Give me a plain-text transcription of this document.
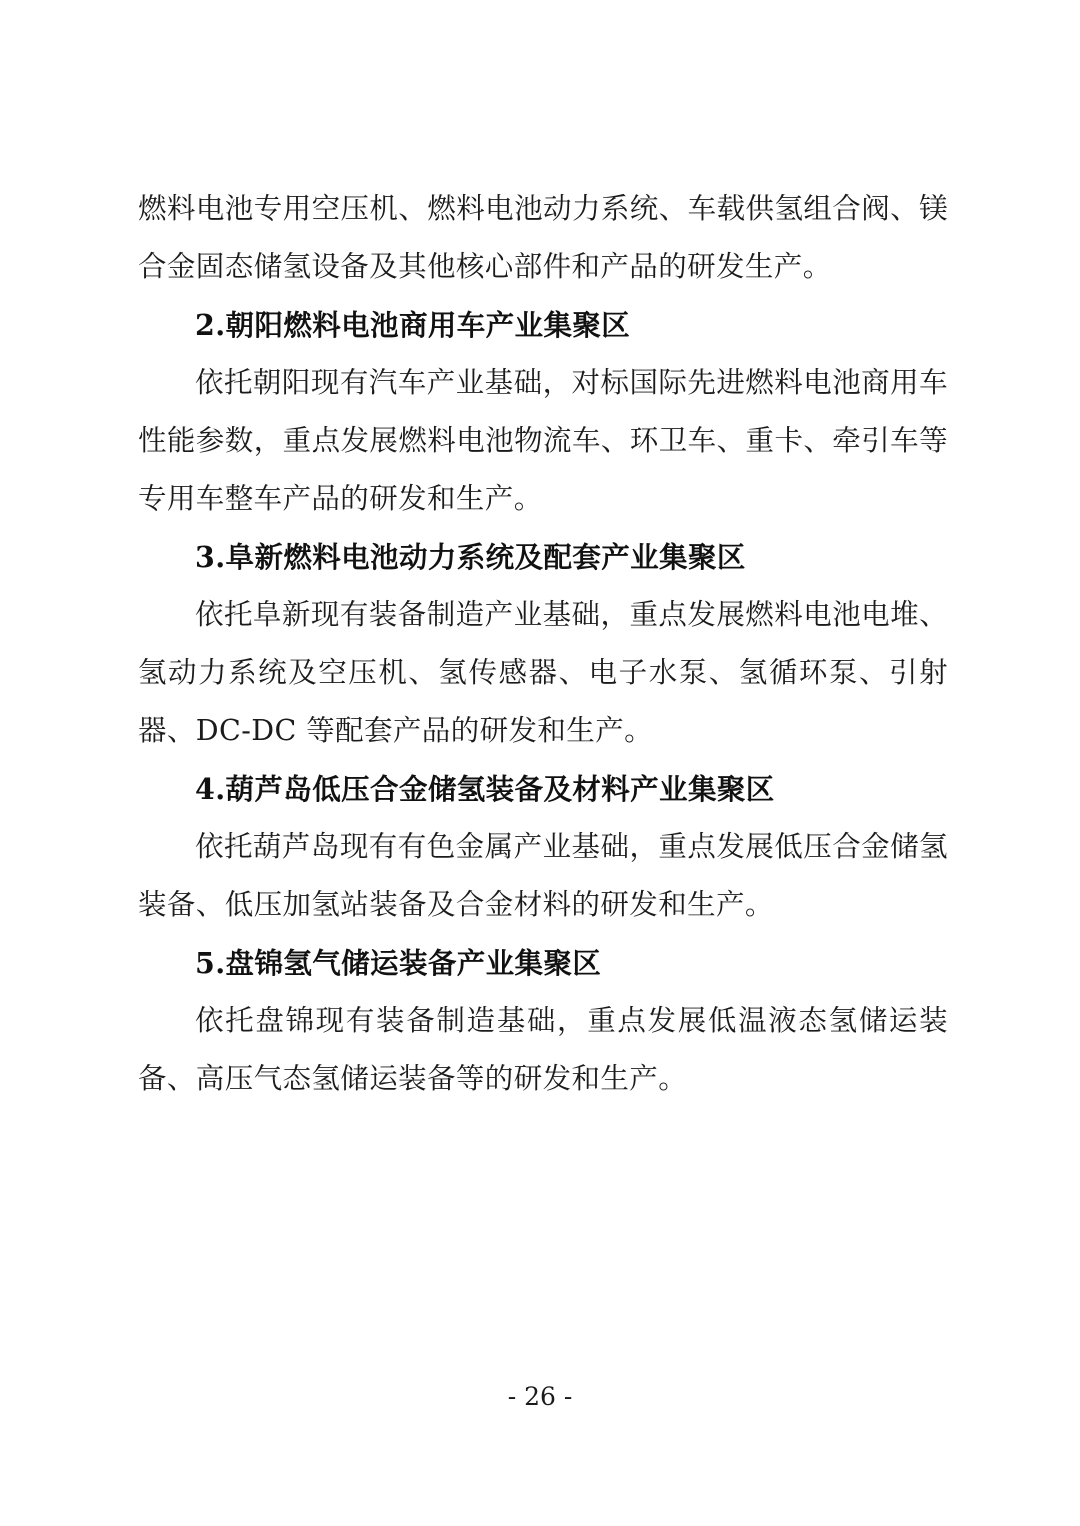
燃料电池专用空压机、燃料电池动力系统、车载供氢组合阀、镁合金固态储氢设备及其他核心部件和产品的研发生产。

2.朝阳燃料电池商用车产业集聚区

依托朝阳现有汽车产业基础，对标国际先进燃料电池商用车性能参数，重点发展燃料电池物流车、环卫车、重卡、牵引车等专用车整车产品的研发和生产。

3.阜新燃料电池动力系统及配套产业集聚区

依托阜新现有装备制造产业基础，重点发展燃料电池电堆、氢动力系统及空压机、氢传感器、电子水泵、氢循环泵、引射器、DC-DC 等配套产品的研发和生产。

4.葫芦岛低压合金储氢装备及材料产业集聚区

依托葫芦岛现有有色金属产业基础，重点发展低压合金储氢装备、低压加氢站装备及合金材料的研发和生产。

5.盘锦氢气储运装备产业集聚区

依托盘锦现有装备制造基础，重点发展低温液态氢储运装备、高压气态氢储运装备等的研发和生产。

- 26 -
